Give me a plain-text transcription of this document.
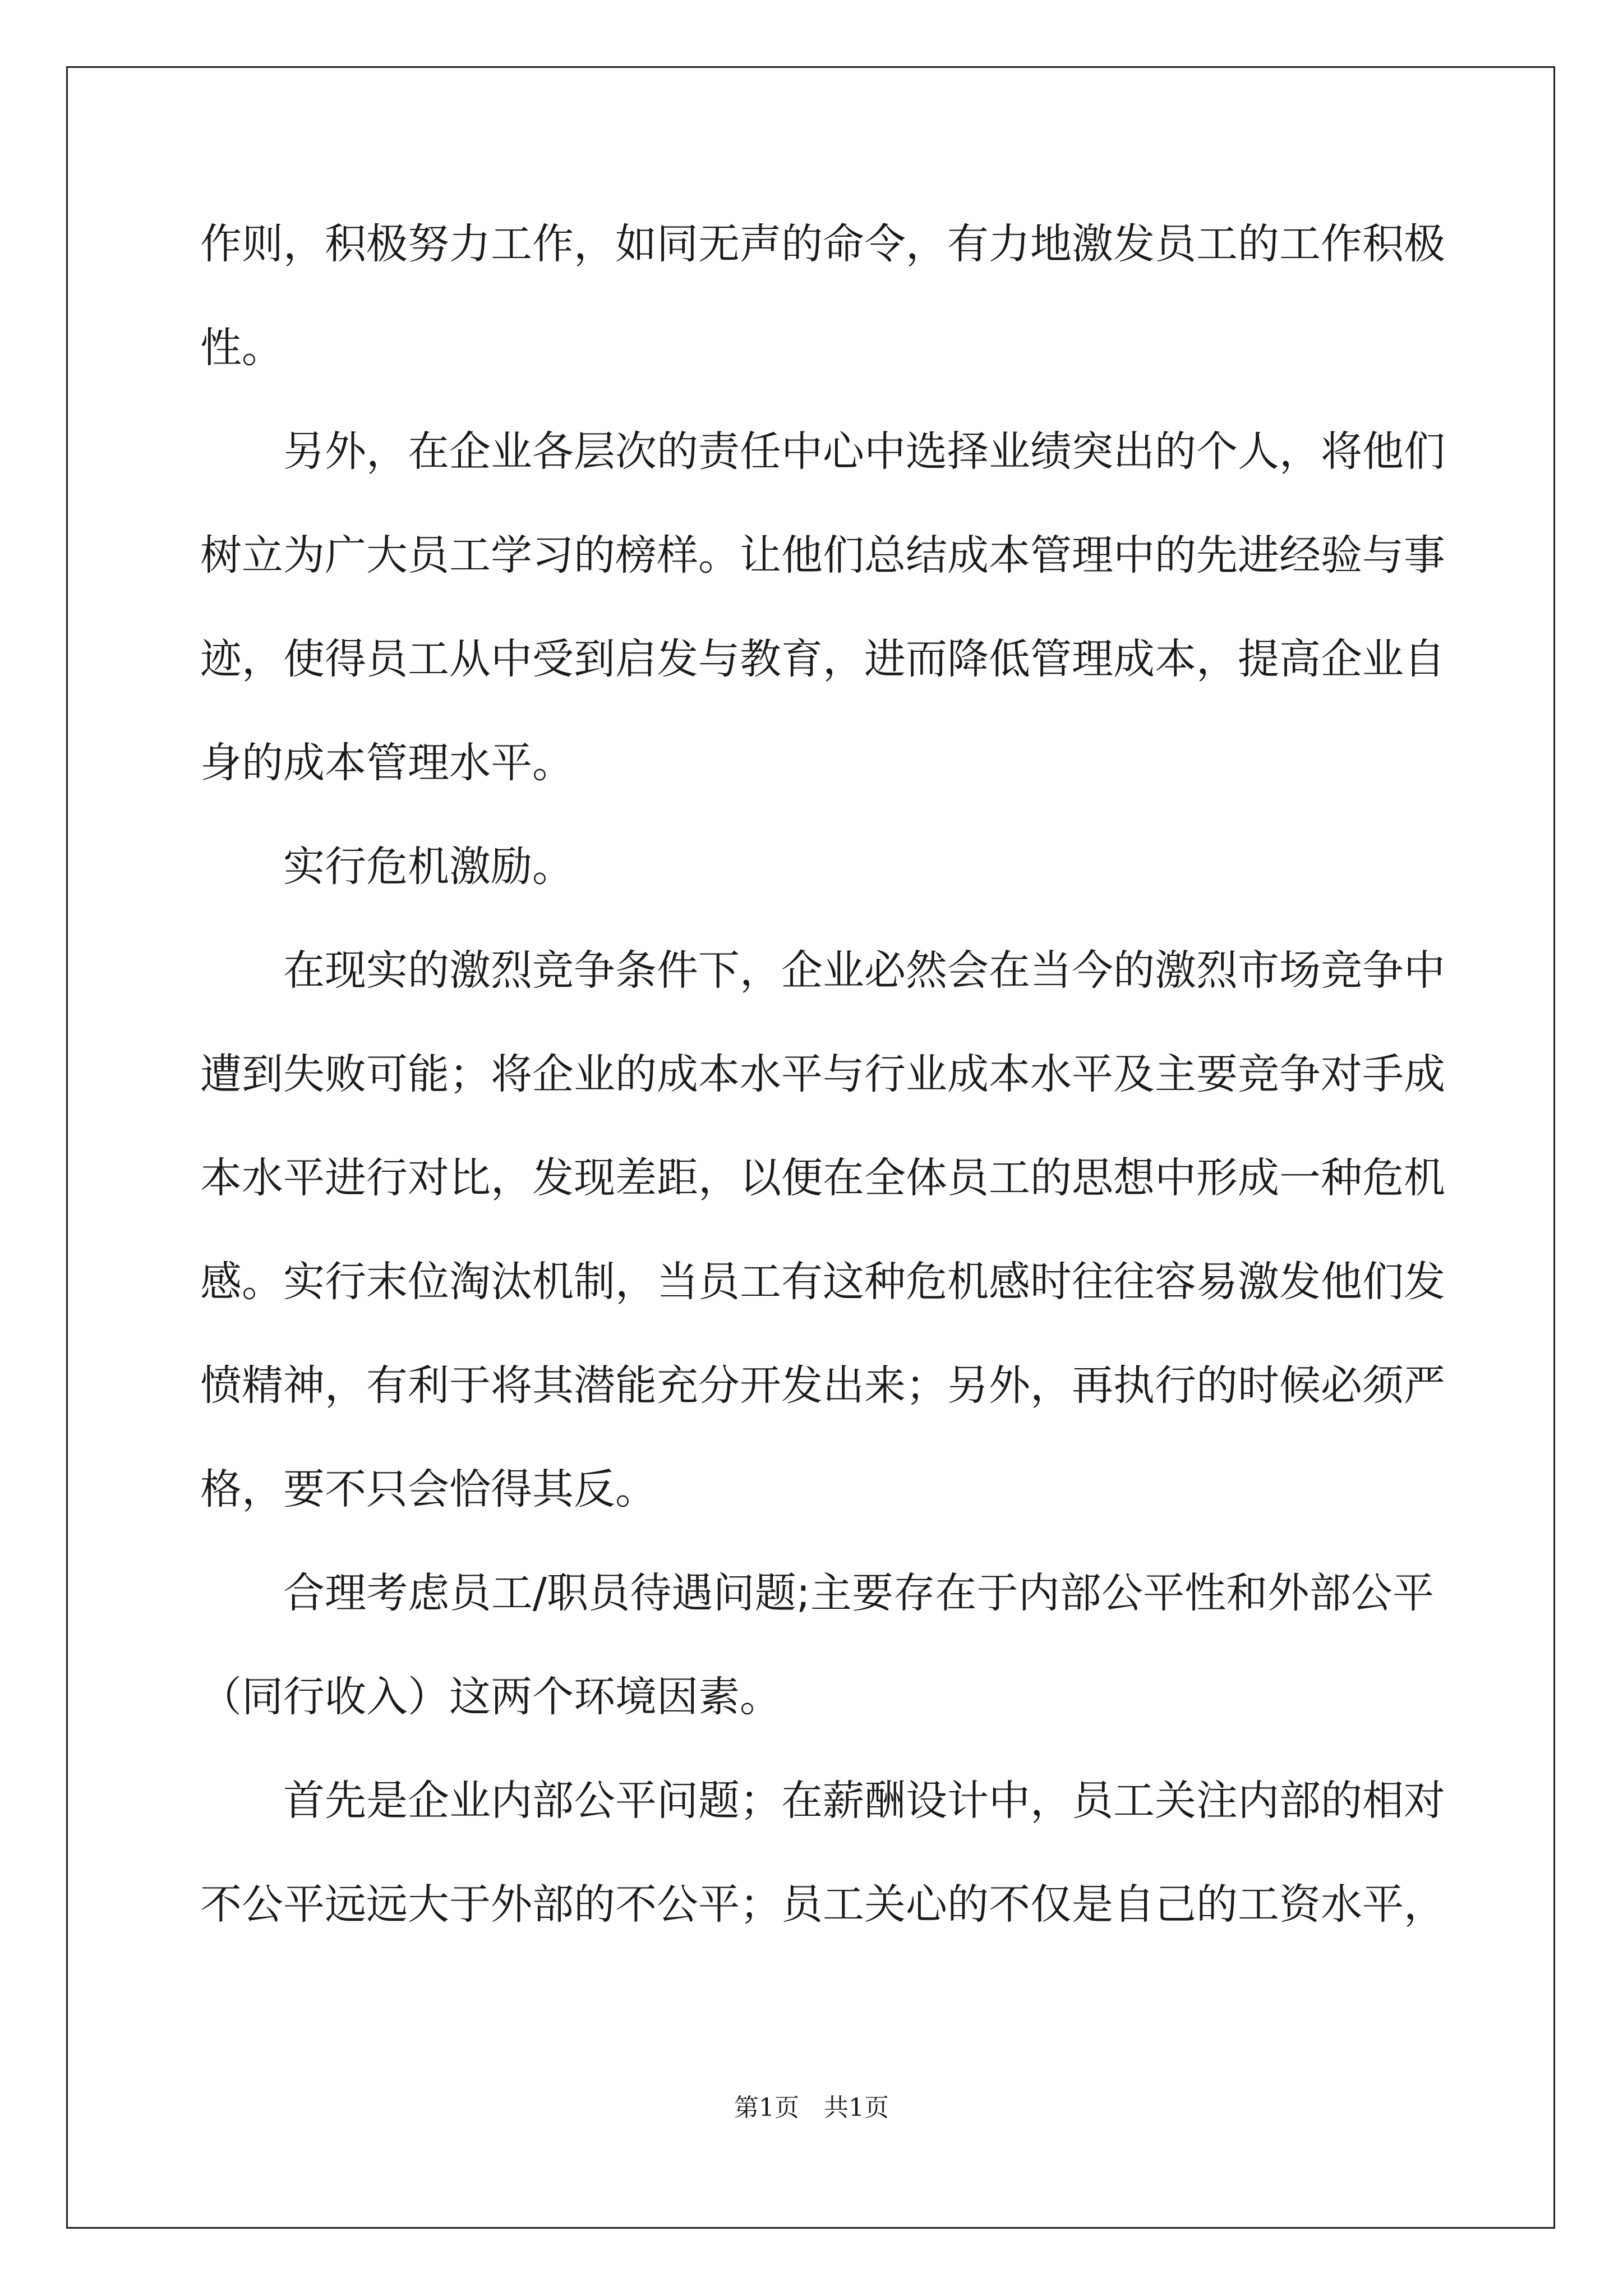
作则，积极努力工作，如同无声的命令，有力地激发员工的工作积极
性。
另外，在企业各层次的责任中心中选择业绩突出的个人，将他们
树立为广大员工学习的榜样。让他们总结成本管理中的先进经验与事
迹，使得员工从中受到启发与教育，进而降低管理成本，提高企业自
身的成本管理水平。
实行危机激励。
在现实的激烈竞争条件下，企业必然会在当今的激烈市场竞争中
遭到失败可能；将企业的成本水平与行业成本水平及主要竞争对手成
本水平进行对比，发现差距，以便在全体员工的思想中形成一种危机
感。实行末位淘汰机制，当员工有这种危机感时往往容易激发他们发
愤精神，有利于将其潜能充分开发出来；另外，再执行的时候必须严
格，要不只会恰得其反。
合理考虑员工/职员待遇问题;主要存在于内部公平性和外部公平
（同行收入）这两个环境因素。
首先是企业内部公平问题；在薪酬设计中，员工关注内部的相对
不公平远远大于外部的不公平；员工关心的不仅是自己的工资水平，
第1页　共1页
